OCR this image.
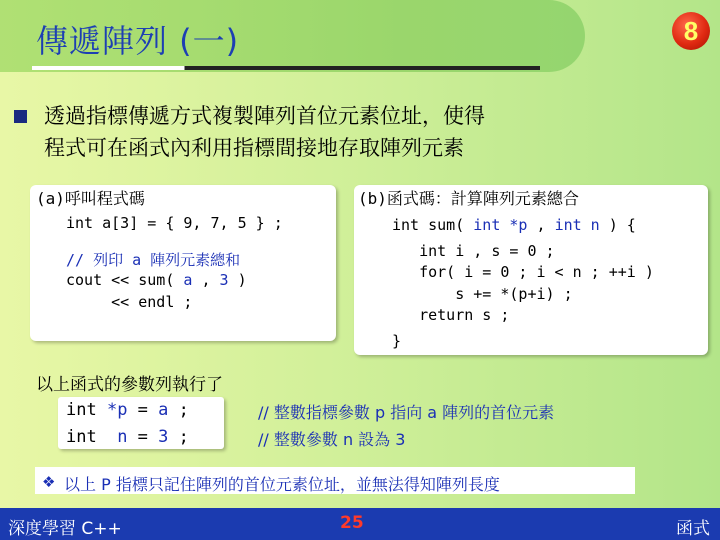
傳遞陣列 (一)	8
透過指標傳遞方式複製陣列首位元素位址，使得
程式可在函式內利用指標間接地存取陣列元素
(a)呼叫程式碼
int a[3] = { 9, 7, 5 } ;
// 列印 a 陣列元素總和
cout << sum( a , 3 )
<< endl ;
(b)函式碼：計算陣列元素總合
int sum( int *p , int n ) {
int i , s = 0 ;
for( i = 0 ; i < n ; ++i )
s += *(p+i) ;
return s ;
}
以上函式的參數列執行了
int *p = a ;
int  n = 3 ;
// 整數指標參數 p 指向 a 陣列的首位元素
// 整數參數 n 設為 3
❖ 以上 P 指標只記住陣列的首位元素位址，並無法得知陣列長度
深度學習 C++	25	函式
